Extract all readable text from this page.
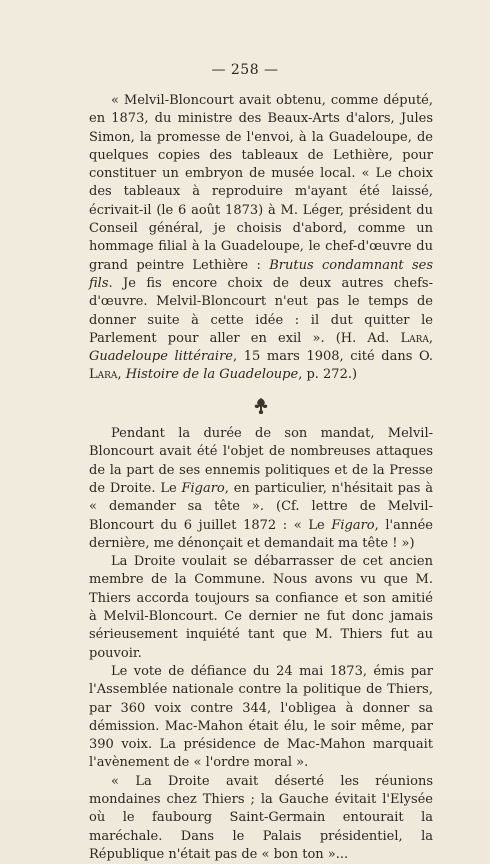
— 258 —

« Melvil-Bloncourt avait obtenu, comme député, en 1873, du ministre des Beaux-Arts d'alors, Jules Simon, la promesse de l'envoi, à la Guadeloupe, de quelques copies des tableaux de Lethière, pour constituer un embryon de musée local. « Le choix des tableaux à reproduire m'ayant été laissé, écrivait-il (le 6 août 1873) à M. Léger, président du Conseil général, je choisis d'abord, comme un hommage filial à la Guadeloupe, le chef-d'œuvre du grand peintre Lethière : Brutus condamnant ses fils. Je fis encore choix de deux autres chefs-d'œuvre. Melvil-Bloncourt n'eut pas le temps de donner suite à cette idée : il dut quitter le Parlement pour aller en exil ». (H. Ad. Lara, Guadeloupe littéraire, 15 mars 1908, cité dans O. Lara, Histoire de la Guadeloupe, p. 272.)

Pendant la durée de son mandat, Melvil-Bloncourt avait été l'objet de nombreuses attaques de la part de ses ennemis politiques et de la Presse de Droite. Le Figaro, en particulier, n'hésitait pas à « demander sa tête ». (Cf. lettre de Melvil-Bloncourt du 6 juillet 1872 : « Le Figaro, l'année dernière, me dénonçait et demandait ma tête ! »)

La Droite voulait se débarrasser de cet ancien membre de la Commune. Nous avons vu que M. Thiers accorda toujours sa confiance et son amitié à Melvil-Bloncourt. Ce dernier ne fut donc jamais sérieusement inquiété tant que M. Thiers fut au pouvoir.

Le vote de défiance du 24 mai 1873, émis par l'Assemblée nationale contre la politique de Thiers, par 360 voix contre 344, l'obligea à donner sa démission. Mac-Mahon était élu, le soir même, par 390 voix. La présidence de Mac-Mahon marquait l'avènement de « l'ordre moral ».

« La Droite avait déserté les réunions mondaines chez Thiers ; la Gauche évitait l'Elysée où le faubourg Saint-Germain entourait la maréchale. Dans le Palais présidentiel, la République n'était pas de « bon ton »...
